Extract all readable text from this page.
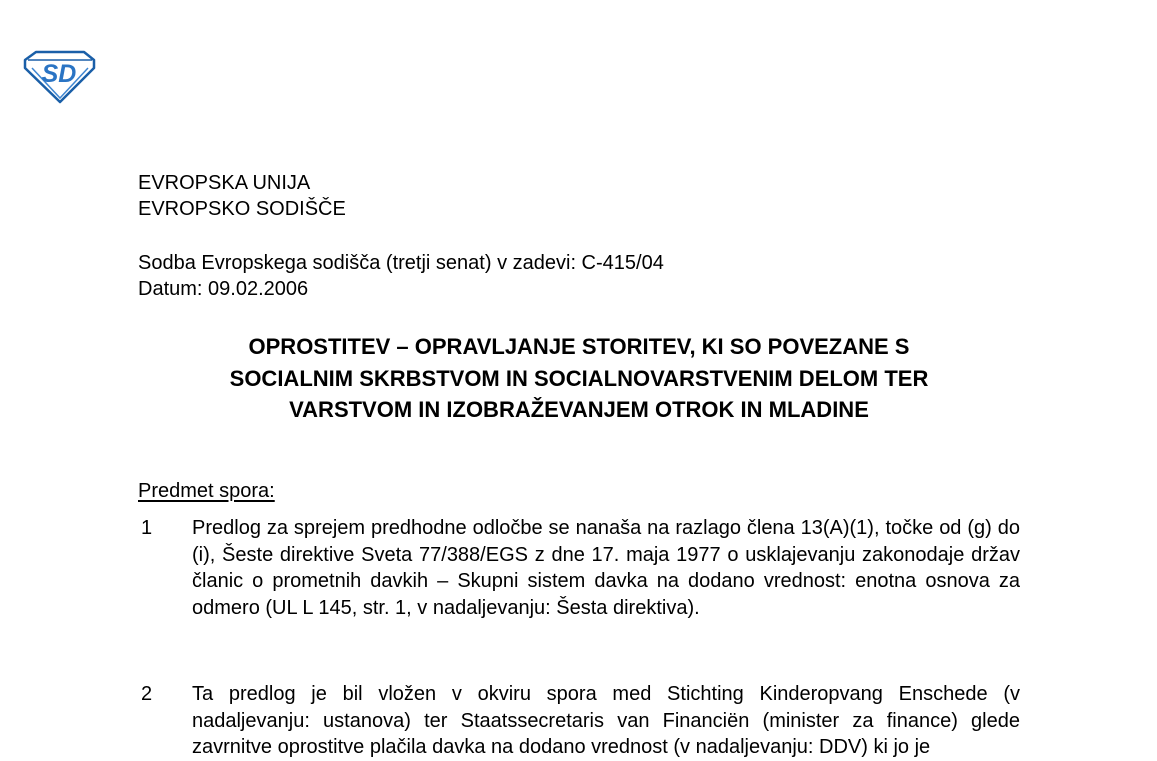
SD
EVROPSKA UNIJA
EVROPSKO SODIŠČE
Sodba Evropskega sodišča (tretji senat) v zadevi: C-415/04
Datum: 09.02.2006
OPROSTITEV – OPRAVLJANJE STORITEV, KI SO POVEZANE S
SOCIALNIM SKRBSTVOM IN SOCIALNOVARSTVENIM DELOM TER
VARSTVOM IN IZOBRAŽEVANJEM OTROK IN MLADINE
Predmet spora:
1 Predlog za sprejem predhodne odločbe se nanaša na razlago člena 13(A)(1), točke od (g) do (i), Šeste direktive Sveta 77/388/EGS z dne 17. maja 1977 o usklajevanju zakonodaje držav članic o prometnih davkih – Skupni sistem davka na dodano vrednost: enotna osnova za odmero (UL L 145, str. 1, v nadaljevanju: Šesta direktiva).
2 Ta predlog je bil vložen v okviru spora med Stichting Kinderopvang Enschede (v nadaljevanju: ustanova) ter Staatssecretaris van Financiën (minister za finance) glede zavrnitve oprostitve plačila davka na dodano vrednost (v nadaljevanju: DDV) ki jo je
